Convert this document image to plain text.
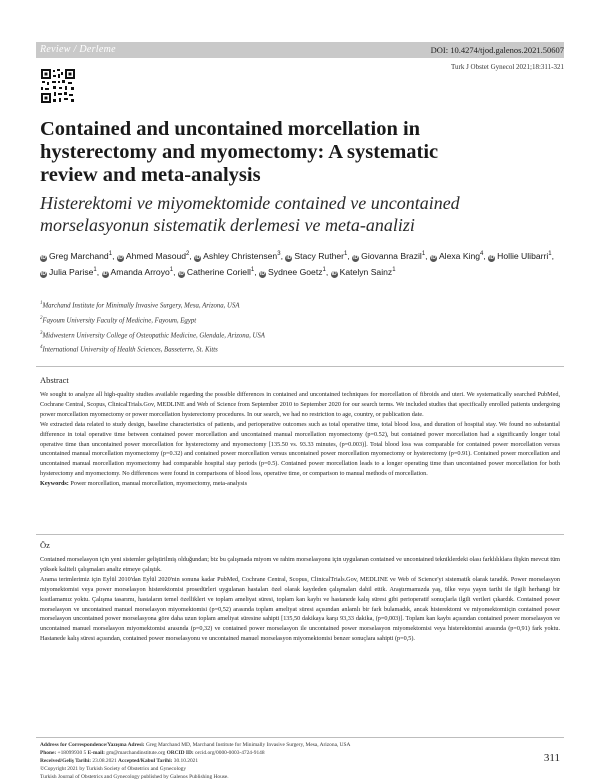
Review / Derleme	DOI: 10.4274/tjod.galenos.2021.50607
Turk J Obstet Gynecol 2021;18:311-321
Contained and uncontained morcellation in hysterectomy and myomectomy: A systematic review and meta-analysis
Histerektomi ve miyomektomide contained ve uncontained morselasyonun sistematik derlemesi ve meta-analizi
iD Greg Marchand$^1$, iD Ahmed Masoud$^2$, iD Ashley Christensen$^3$, iD Stacy Ruther$^1$, iD Giovanna Brazil$^1$, iD Alexa King$^4$, iD Hollie Ulibarri$^1$, iD Julia Parise$^1$, iD Amanda Arroyo$^1$, iD Catherine Coriell$^1$, iD Sydnee Goetz$^1$, iD Katelyn Sainz$^1$
$^1$Marchand Institute for Minimally Invasive Surgery, Mesa, Arizona, USA
$^2$Fayoum University Faculty of Medicine, Fayoum, Egypt
$^3$Midwestern University College of Osteopathic Medicine, Glendale, Arizona, USA
$^4$International University of Health Sciences, Basseterre, St. Kitts
Abstract

We sought to analyze all high-quality studies available regarding the possible differences in contained and uncontained techniques for morcellation of fibroids and uteri. We systematically searched PubMed, Cochrane Central, Scopus, ClinicalTrials.Gov, MEDLINE and Web of Science from September 2010 to September 2020 for our search terms. We included studies that specifically enrolled patients undergoing power morcellation myomectomy or power morcellation hysterectomy procedures. In our search, we had no restriction to age, country, or publication date.

We extracted data related to study design, baseline characteristics of patients, and perioperative outcomes such as total operative time, total blood loss, and duration of hospital stay. We found no substantial difference in total operative time between contained power morcellation and uncontained manual morcellation myomectomy (p=0.52), but contained power morcellation had a significantly longer total operative time than uncontained power morcellation for hysterectomy and myomectomy [135.50 vs. 93.33 minutes, (p=0.003)]. Total blood loss was comparable for contained power morcellation versus uncontained manual morcellation myomectomy (p=0.32) and contained power morcellation versus uncontained power morcellation myomectomy or hysterectomy (p=0.91). Contained power morcellation and uncontained manual morcellation myomectomy had comparable hospital stay periods (p=0.5). Contained power morcellation leads to a longer operating time than uncontained power morcellation for both hysterectomy and myomectomy. No differences were found in comparisons of blood loss, operative time, or comparison to manual methods of morcellation.

Keywords: Power morcellation, manual morcellation, myomectomy, meta-analysis

Öz

Contained morselasyon için yeni sistemler geliştirilmiş olduğundan; biz bu çalışmada miyom ve rahim morselasyonu için uygulanan contained ve uncontained tekniklerdeki olası farklılıklara ilişkin mevcut tüm yüksek kaliteli çalışmaları analiz etmeye çalıştık.

Arama terimlerimiz için Eylül 2010'dan Eylül 2020'nin sonuna kadar PubMed, Cochrane Central, Scopus, ClinicalTrials.Gov, MEDLINE ve Web of Science'yi sistematik olarak taradık. Power morselasyon miyomektomisi veya power morselasyon histerektomisi prosedürleri uygulanan hastaları özel olarak kaydeden çalışmaları dahil ettik. Araştırmamızda yaş, ülke veya yayın tarihi ile ilgili herhangi bir kısıtlamamız yoktu. Çalışma tasarımı, hastaların temel özellikleri ve toplam ameliyat süresi, toplam kan kaybı ve hastanede kalış süresi gibi perioperatif sonuçlarla ilgili verileri çıkardık. Contained power morselasyon ve uncontained manuel morselasyon miyomektomisi (p=0,52) arasında toplam ameliyat süresi açısından anlamlı bir fark bulamadık, ancak histerektomi ve miyomektomiiçin contained power morselasyon uncontained power morselasyona göre daha uzun toplam ameliyat süresine sahipti [135,50 dakikaya karşı 93,33 dakika, (p=0,003)]. Toplam kan kaybı açısından contained power morselasyon ve uncontained manuel morselasyon miyomektomisi arasında (p=0,32) ve contained power morselasyon ile uncontained power morselasyon miyomektomisi veya histerektomisi arasında (p=0,91) fark yoktu. Hastanede kalış süresi açısından, contained power morselasyonu ve uncontained manuel morselasyon miyomektomisi benzer sonuçlara sahipti (p=0,5).

Address for Correspondence/Yazışma Adresi: Greg Marchand MD, Marchand Institute for Minimally Invasive Surgery, Mesa, Arizona, USA
Phone: +18099930 5 E-mail: gm@marchandinstitute.org ORCID ID: orcid.org/0000-0003-4724-9148
Received/Geliş Tarihi: 23.08.2021 Accepted/Kabul Tarihi: 30.10.2021
©Copyright 2021 by Turkish Society of Obstetrics and Gynecology
Turkish Journal of Obstetrics and Gynecology published by Galenos Publishing House.
311
